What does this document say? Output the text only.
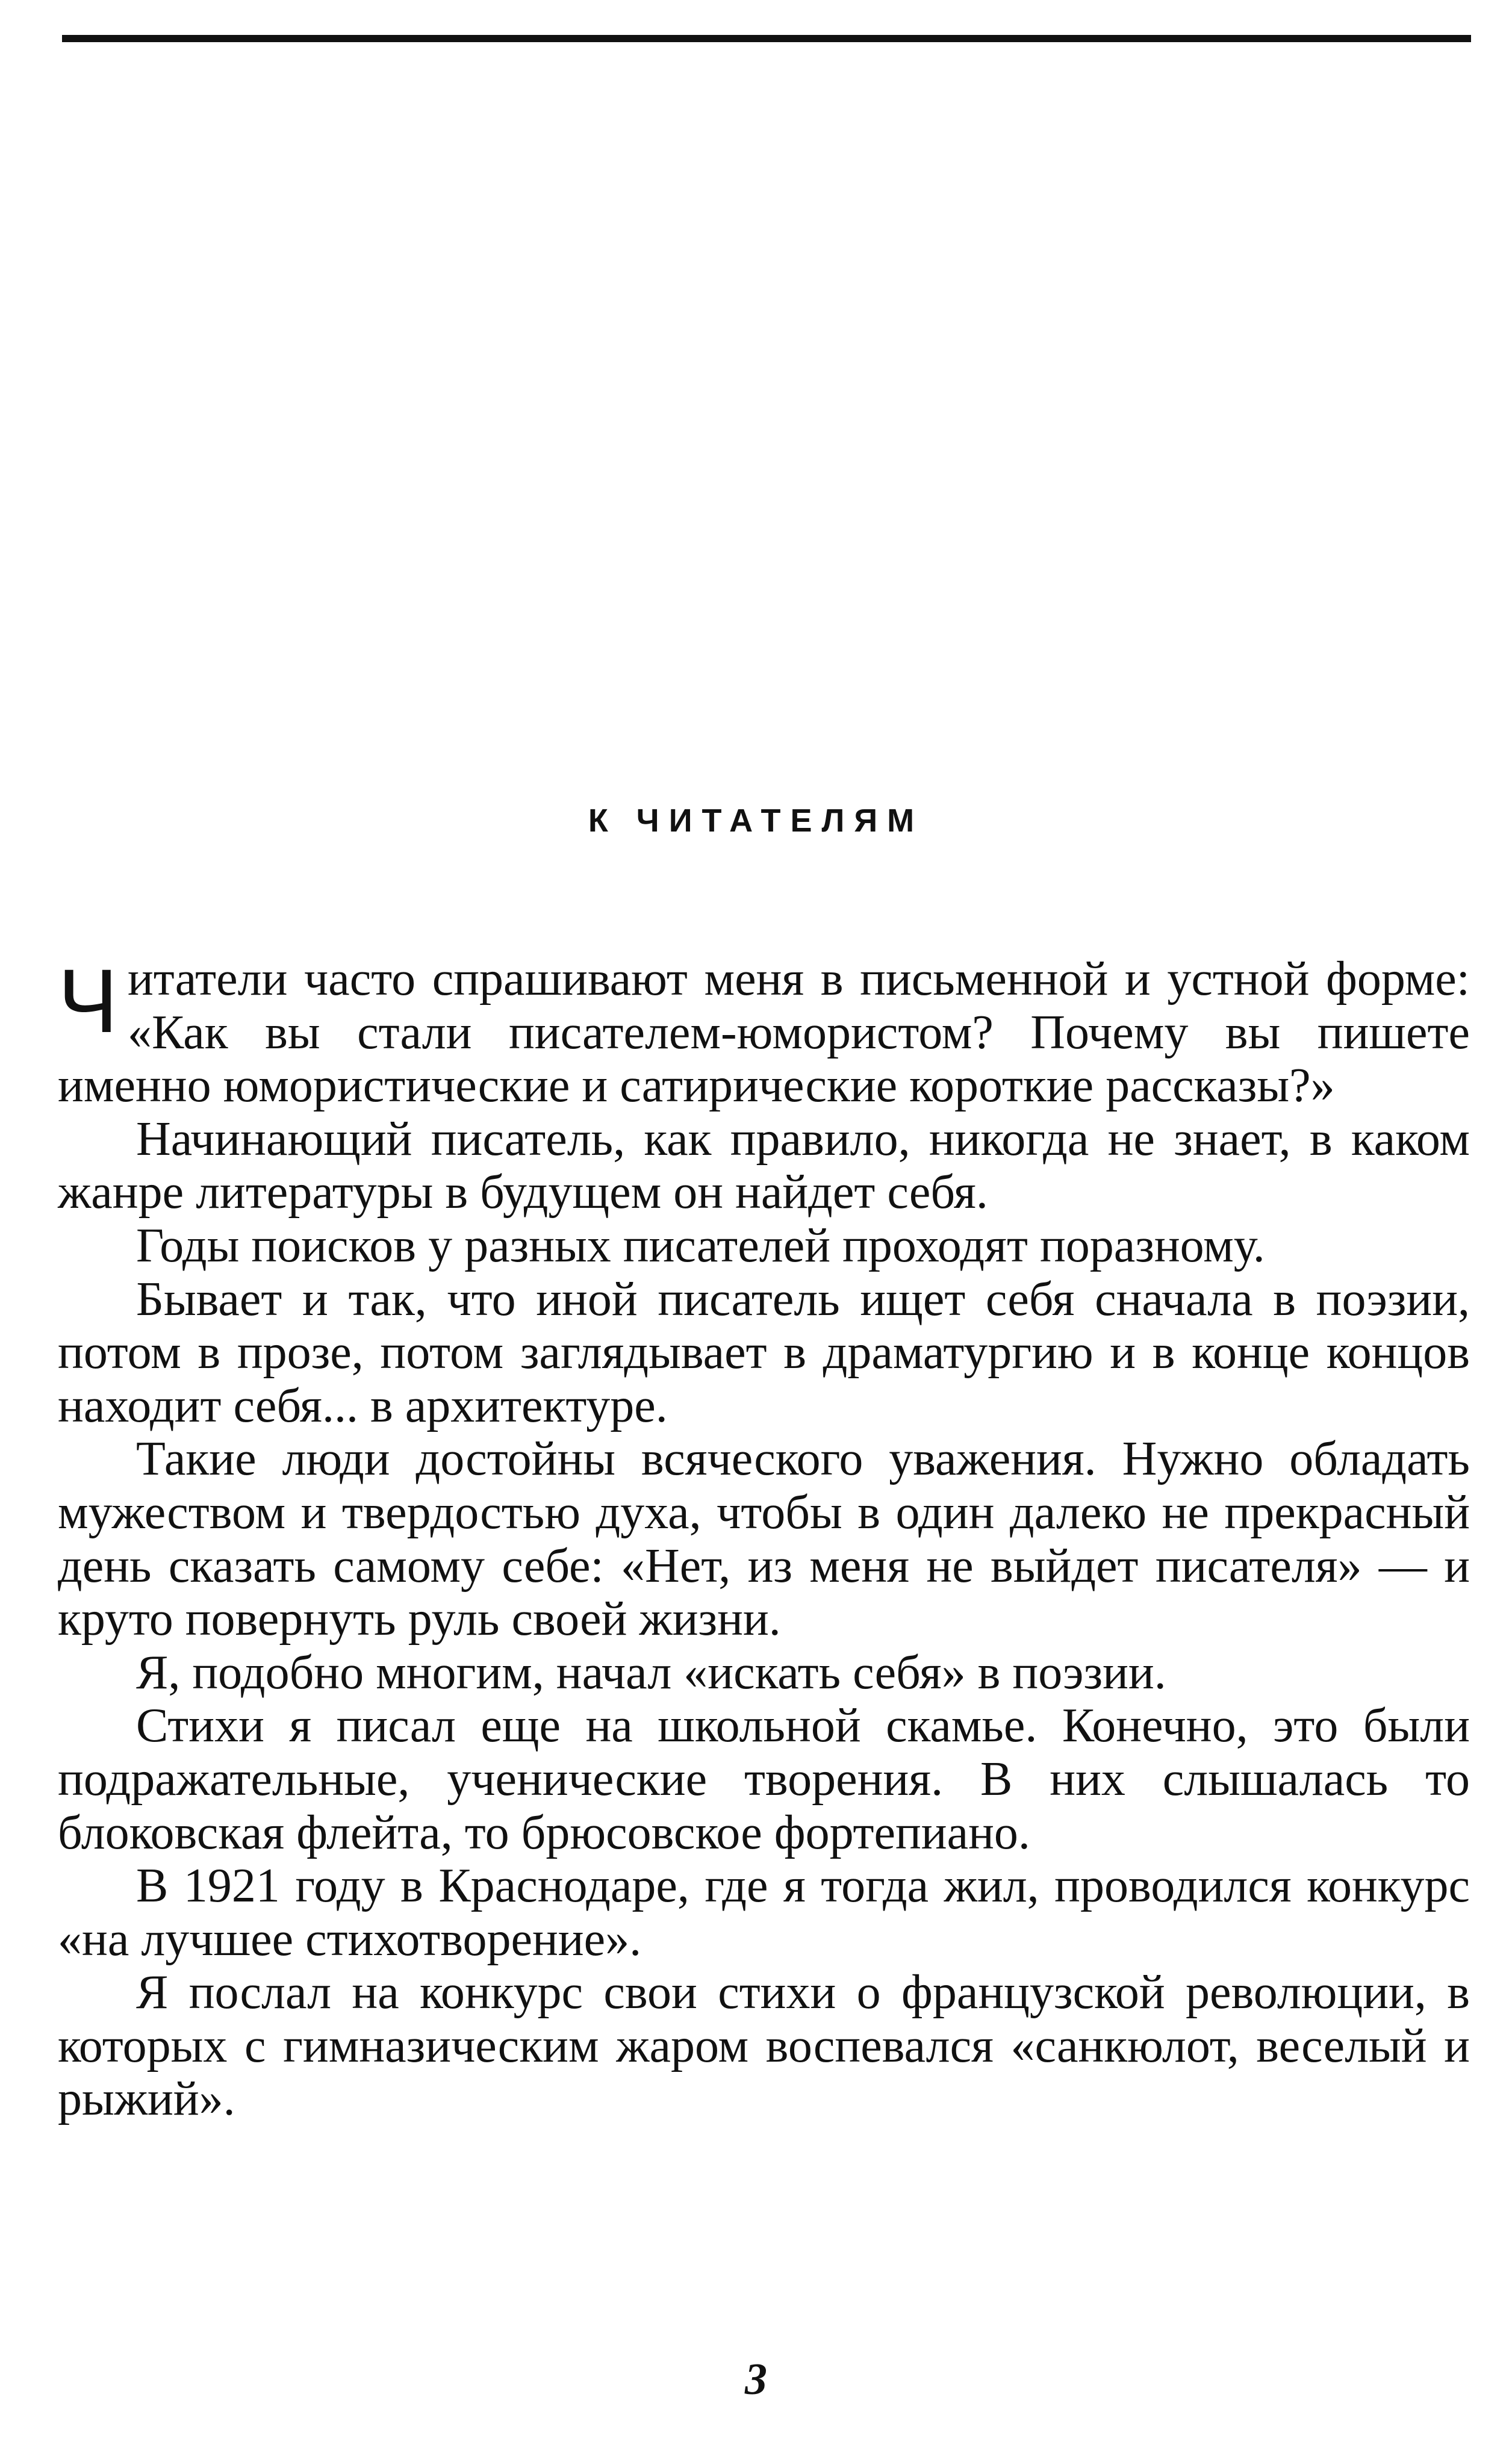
К ЧИТАТЕЛЯМ

Читатели часто спрашивают меня в письменной и устной форме: «Как вы стали писателем-юмористом? Почему вы пишете именно юмористические и сатирические короткие рассказы?»

Начинающий писатель, как правило, никогда не знает, в каком жанре литературы в будущем он найдет себя.

Годы поисков у разных писателей проходят поразному.

Бывает и так, что иной писатель ищет себя сначала в поэзии, потом в прозе, потом заглядывает в драматургию и в конце концов находит себя... в архитектуре.

Такие люди достойны всяческого уважения. Нужно обладать мужеством и твердостью духа, чтобы в один далеко не прекрасный день сказать самому себе: «Нет, из меня не выйдет писателя» — и круто повернуть руль своей жизни.

Я, подобно многим, начал «искать себя» в поэзии.

Стихи я писал еще на школьной скамье. Конечно, это были подражательные, ученические творения. В них слышалась то блоковская флейта, то брюсовское фортепиано.

В 1921 году в Краснодаре, где я тогда жил, проводился конкурс «на лучшее стихотворение».

Я послал на конкурс свои стихи о французской революции, в которых с гимназическим жаром воспевался «санкюлот, веселый и рыжий».

3
